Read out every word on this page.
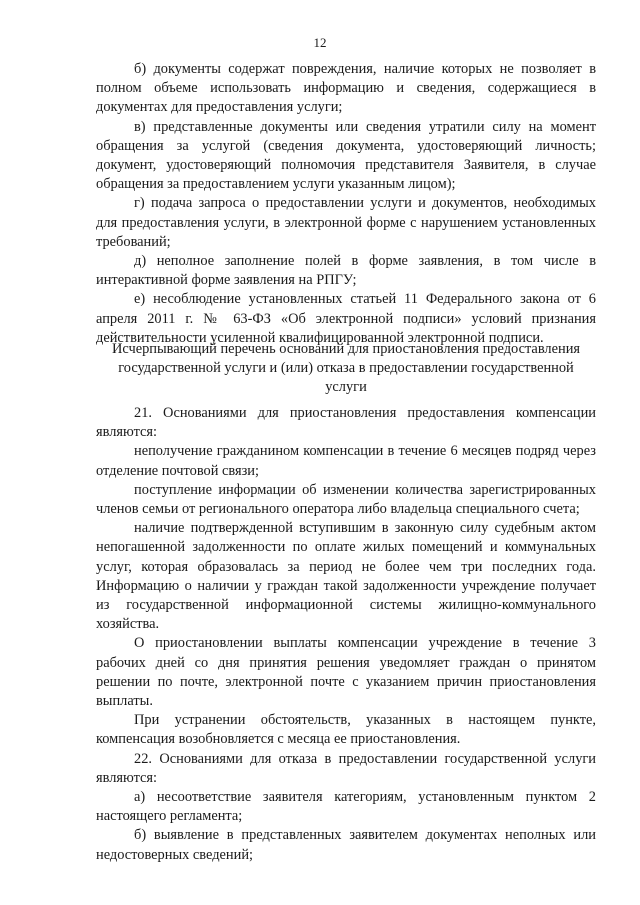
12

б) документы содержат повреждения, наличие которых не позволяет в полном объеме использовать информацию и сведения, содержащиеся в документах для предоставления услуги;

в) представленные документы или сведения утратили силу на момент обращения за услугой (сведения документа, удостоверяющий личность; документ, удостоверяющий полномочия представителя Заявителя, в случае обращения за предоставлением услуги указанным лицом);

г) подача запроса о предоставлении услуги и документов, необходимых для предоставления услуги, в электронной форме с нарушением установленных требований;

д) неполное заполнение полей в форме заявления, в том числе в интерактивной форме заявления на РПГУ;

е) несоблюдение установленных статьей 11 Федерального закона от 6 апреля 2011 г. № 63-ФЗ «Об электронной подписи» условий признания действительности усиленной квалифицированной электронной подписи.

Исчерпывающий перечень оснований для приостановления предоставления государственной услуги и (или) отказа в предоставлении государственной услуги

21. Основаниями для приостановления предоставления компенсации являются:

неполучение гражданином компенсации в течение 6 месяцев подряд через отделение почтовой связи;

поступление информации об изменении количества зарегистрированных членов семьи от регионального оператора либо владельца специального счета;

наличие подтвержденной вступившим в законную силу судебным актом непогашенной задолженности по оплате жилых помещений и коммунальных услуг, которая образовалась за период не более чем три последних года. Информацию о наличии у граждан такой задолженности учреждение получает из государственной информационной системы жилищно-коммунального хозяйства.

О приостановлении выплаты компенсации учреждение в течение 3 рабочих дней со дня принятия решения уведомляет граждан о принятом решении по почте, электронной почте с указанием причин приостановления выплаты.

При устранении обстоятельств, указанных в настоящем пункте, компенсация возобновляется с месяца ее приостановления.

22. Основаниями для отказа в предоставлении государственной услуги являются:

а) несоответствие заявителя категориям, установленным пунктом 2 настоящего регламента;

б) выявление в представленных заявителем документах неполных или недостоверных сведений;
